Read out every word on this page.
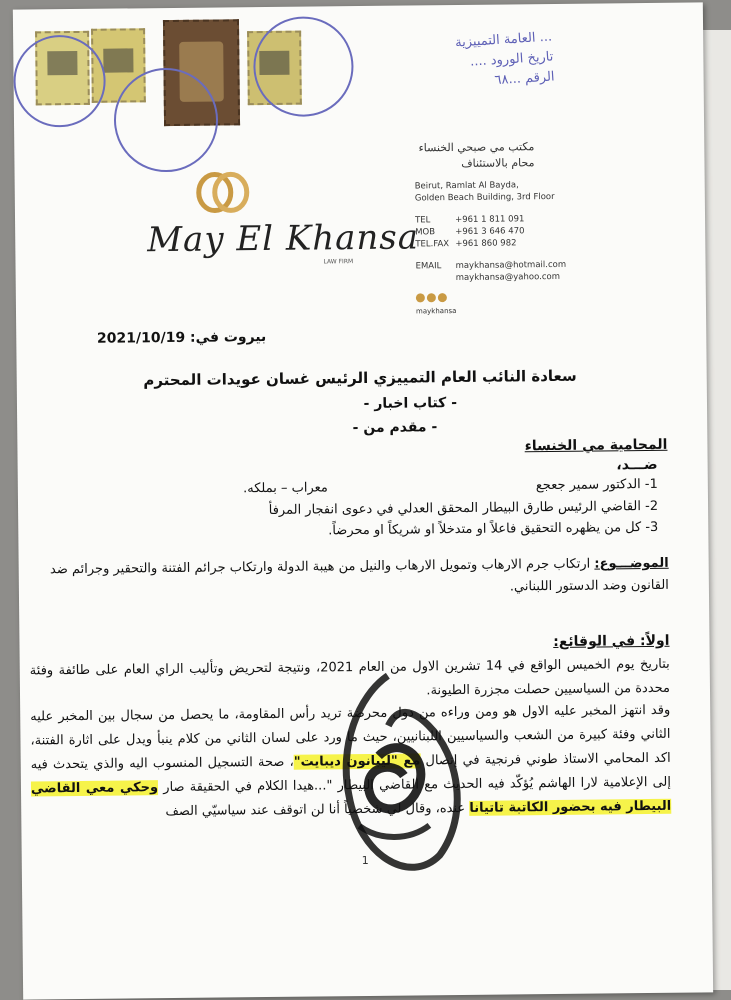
... العامة التمييزية
تاريخ الورود ....
الرقم ...٦٨
مكتب مي صبحي الخنساء
محام بالاستئناف
May El Khansa
LAW FIRM
Beirut, Ramlat Al Bayda,
Golden Beach Building, 3rd Floor
TEL	+961 1 811 091
MOB	+961 3 646 470
TEL.FAX +961 860 982
EMAIL	maykhansa@hotmail.com
maykhansa@yahoo.com
maykhansa
بيروت في: 2021/10/19
سعادة النائب العام التمييزي الرئيس غسان عويدات المحترم
- كتاب اخبار -
- مقدم من -
المحامية مي الخنساء
ضـــد،
1- الدكتور سمير جعجع
معراب – بملكه.
2- القاضي الرئيس طارق البيطار
المحقق العدلي في دعوى انفجار المرفأ
3- كل من يظهره التحقيق فاعلاً او متدخلاً او شريكاً او محرضاً.
الموضـــوع: ارتكاب جرم الارهاب وتمويل الارهاب والنيل من هيبة الدولة وارتكاب جرائم الفتنة والتحقير وجرائم ضد القانون وضد الدستور اللبناني.
اولاً: في الوقائع:
بتاريخ يوم الخميس الواقع في 14 تشرين الاول من العام 2021، ونتيجة لتحريض وتأليب الراي العام على طائفة وفئة محددة من السياسيين حصلت مجزرة الطيونة.
وقد انتهز المخبر عليه الاول هو ومن وراءه من دول محرضة تريد رأس المقاومة، ما يحصل من سجال بين المخبر عليه الثاني وفئة كبيرة من الشعب والسياسيين اللبنانيين، حيث ما ورد على لسان الثاني من كلام ينبأ ويدل على اثارة الفتنة، اكد المحامي الاستاذ طوني فرنجية في إتصال مع "ليبانون ديبايت"، صحة التسجيل المنسوب اليه والذي يتحدث فيه إلى الإعلامية لارا الهاشم يُؤكّد فيه الحديث مع القاضي البيطار "...هيدا الكلام في الحقيقة صار وحكي معي القاضي البيطار فيه بحضور الكاتبة تاتيانا عنده، وقال لي شخصياً أنا لن اتوقف عند سياسيّي الصف
1
